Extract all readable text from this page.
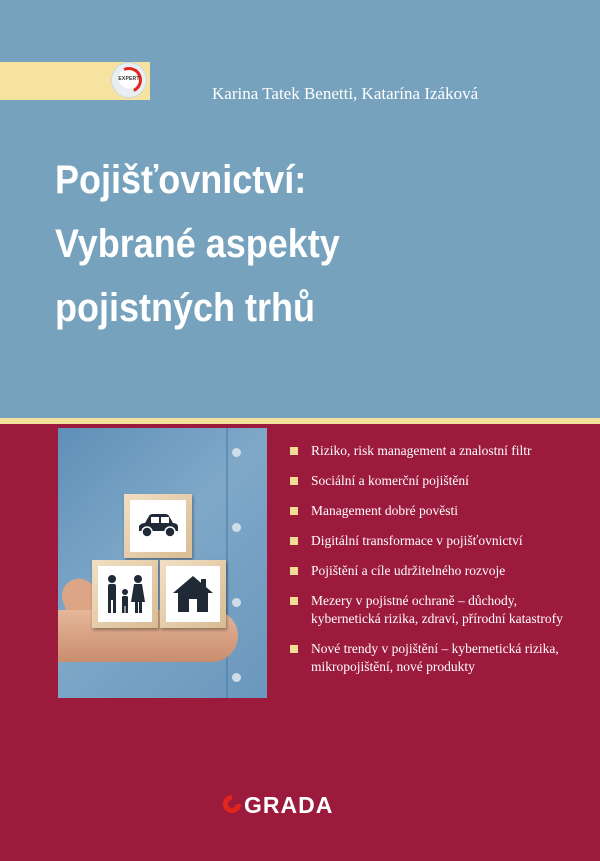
EXPERT
Karina Tatek Benetti, Katarína Izáková
Pojišťovnictví:
Vybrané aspekty
pojistných trhů
Riziko, risk management a znalostní filtr
Sociální a komerční pojištění
Management dobré pověsti
Digitální transformace v pojišťovnictví
Pojištění a cíle udržitelného rozvoje
Mezery v pojistné ochraně – důchody, kybernetická rizika, zdraví, přírodní katastrofy
Nové trendy v pojištění – kybernetická rizika, mikropojištění, nové produkty
GRADA
